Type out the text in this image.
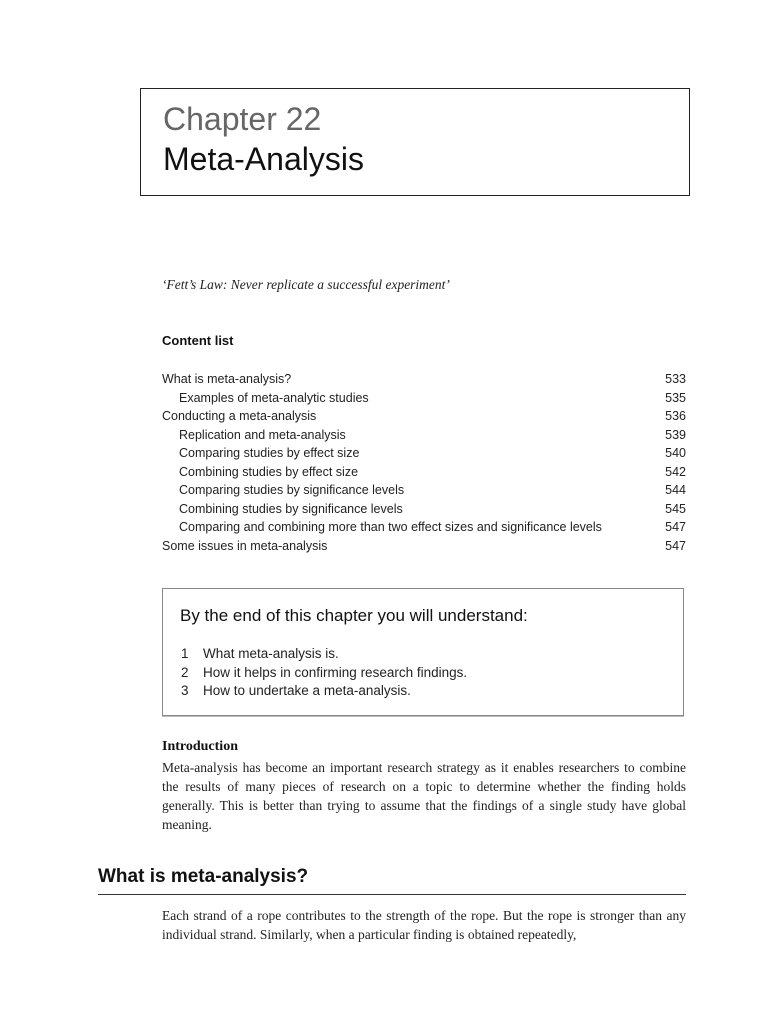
Chapter 22
Meta-Analysis
‘Fett’s Law: Never replicate a successful experiment’
Content list
What is meta-analysis?	533
Examples of meta-analytic studies	535
Conducting a meta-analysis	536
Replication and meta-analysis	539
Comparing studies by effect size	540
Combining studies by effect size	542
Comparing studies by significance levels	544
Combining studies by significance levels	545
Comparing and combining more than two effect sizes and significance levels	547
Some issues in meta-analysis	547
By the end of this chapter you will understand:
1 What meta-analysis is.
2 How it helps in confirming research findings.
3 How to undertake a meta-analysis.
Introduction

Meta-analysis has become an important research strategy as it enables researchers to combine the results of many pieces of research on a topic to determine whether the finding holds generally. This is better than trying to assume that the findings of a single study have global meaning.

What is meta-analysis?

Each strand of a rope contributes to the strength of the rope. But the rope is stronger than any individual strand. Similarly, when a particular finding is obtained repeatedly,
